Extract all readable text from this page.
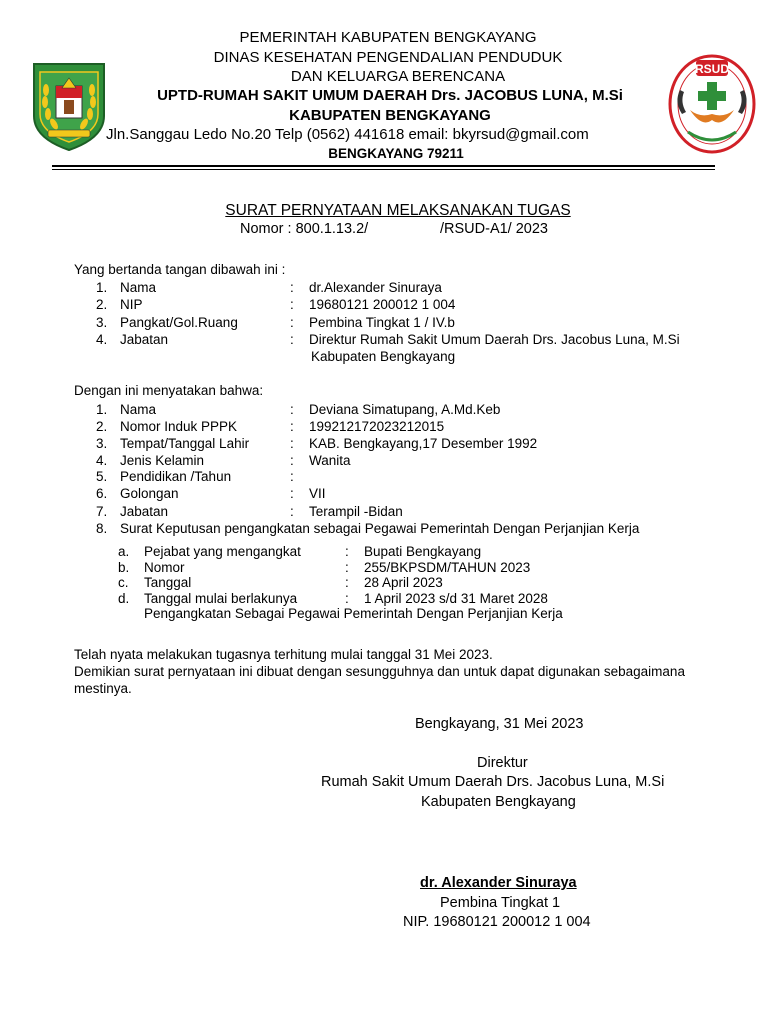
RSUD
PEMERINTAH KABUPATEN BENGKAYANG
DINAS KESEHATAN PENGENDALIAN PENDUDUK
DAN KELUARGA BERENCANA
UPTD-RUMAH SAKIT UMUM DAERAH Drs. JACOBUS LUNA, M.Si
KABUPATEN BENGKAYANG
Jln.Sanggau Ledo No.20 Telp (0562) 441618 email: bkyrsud@gmail.com
BENGKAYANG 79211
SURAT PERNYATAAN MELAKSANAKAN TUGAS
Nomor : 800.1.13.2/	/RSUD-A1/ 2023
Yang bertanda tangan dibawah ini :
1. Nama	: dr.Alexander Sinuraya
2. NIP	: 19680121 200012 1 004
3. Pangkat/Gol.Ruang	: Pembina Tingkat 1 / IV.b
4. Jabatan	: Direktur Rumah Sakit Umum Daerah Drs. Jacobus Luna, M.Si
Kabupaten Bengkayang
Dengan ini menyatakan bahwa:
1. Nama	: Deviana Simatupang, A.Md.Keb
2. Nomor Induk PPPK	: 199212172023212015
3. Tempat/Tanggal Lahir	: KAB. Bengkayang,17 Desember 1992
4. Jenis Kelamin	: Wanita
5. Pendidikan /Tahun	:
6. Golongan	: VII
7. Jabatan	: Terampil -Bidan
8. Surat Keputusan pengangkatan sebagai Pegawai Pemerintah Dengan Perjanjian Kerja
a. Pejabat yang mengangkat	: Bupati Bengkayang
b. Nomor	: 255/BKPSDM/TAHUN 2023
c. Tanggal	: 28 April 2023
d. Tanggal mulai berlakunya	: 1 April 2023 s/d 31 Maret 2028
Pengangkatan Sebagai Pegawai Pemerintah Dengan Perjanjian Kerja
Telah nyata melakukan tugasnya terhitung mulai tanggal 31 Mei 2023.
Demikian surat pernyataan ini dibuat dengan sesungguhnya dan untuk dapat digunakan sebagaimana
mestinya.
Bengkayang, 31 Mei 2023
Direktur
Rumah Sakit Umum Daerah Drs. Jacobus Luna, M.Si
Kabupaten Bengkayang
dr. Alexander Sinuraya
Pembina Tingkat 1
NIP. 19680121 200012 1 004
